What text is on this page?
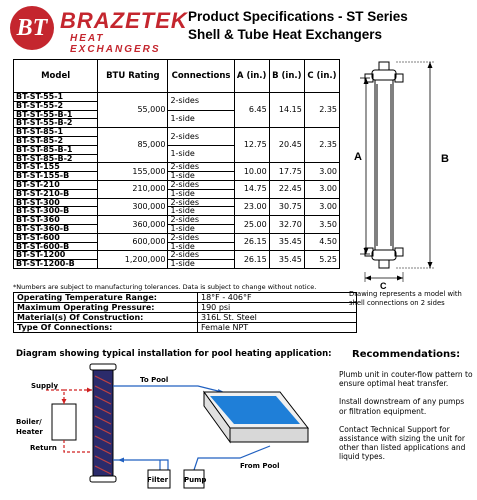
BT BRAZETEK
HEAT EXCHANGERS
Product Specifications - ST Series
Shell & Tube Heat Exchangers
Model	BTU Rating	Connections	A (in.)	B (in.)	C (in.)
BT-ST-55-1	55,000	2-sides	6.45	14.15	2.35
BT-ST-55-2					
BT-ST-55-B-1		1-side			
BT-ST-55-B-2					
BT-ST-85-1	85,000	2-sides	12.75	20.45	2.35
BT-ST-85-2					
BT-ST-85-B-1		1-side			
BT-ST-85-B-2					
BT-ST-155	155,000	2-sides	10.00	17.75	3.00
BT-ST-155-B		1-side			
BT-ST-210	210,000	2-sides	14.75	22.45	3.00
BT-ST-210-B		1-side			
BT-ST-300	300,000	2-sides	23.00	30.75	3.00
BT-ST-300-B		1-side			
BT-ST-360	360,000	2-sides	25.00	32.70	3.50
BT-ST-360-B		1-side			
BT-ST-600	600,000	2-sides	26.15	35.45	4.50
BT-ST-600-B		1-side			
BT-ST-1200	1,200,000	2-sides	26.15	35.45	5.25
BT-ST-1200-B		1-side			
*Numbers are subject to manufacturing tolerances. Data is subject to change without notice.
Operating Temperature Range:	18°F - 406°F
Maximum Operating Pressure:	190 psi
Material(s) Of Construction:	316L St. Steel
Type Of Connections:	Female NPT
A	B
C
Drawing represents a model with shell connections on 2 sides
Diagram showing typical installation for pool heating application: Recommendations:

Plumb unit in couter-flow pattern to ensure optimal heat transfer.

Install downstream of any pumps or filtration equipment.

Contact Technical Support for assistance with sizing the unit for other than listed applications and liquid types.

Supply
Return
Boiler/
Heater
To Pool
From Pool
Filter Pump
